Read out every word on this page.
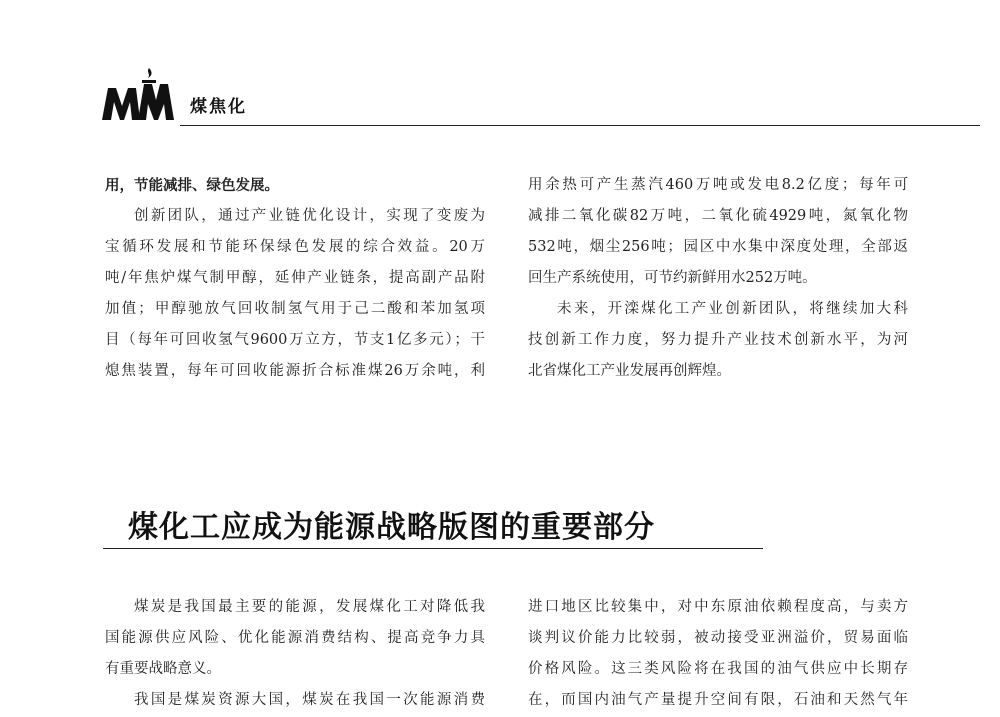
煤焦化

用，节能减排、绿色发展。

创新团队，通过产业链优化设计，实现了变废为

宝循环发展和节能环保绿色发展的综合效益。20万

吨/年焦炉煤气制甲醇，延伸产业链条，提高副产品附

加值；甲醇驰放气回收制氢气用于己二酸和苯加氢项

目（每年可回收氢气9600万立方，节支1亿多元）；干

熄焦装置，每年可回收能源折合标准煤26万余吨，利

用余热可产生蒸汽460万吨或发电8.2亿度；每年可

减排二氧化碳82万吨，二氧化硫4929吨，氮氧化物

532吨，烟尘256吨；园区中水集中深度处理，全部返

回生产系统使用，可节约新鲜用水252万吨。

未来，开滦煤化工产业创新团队，将继续加大科

技创新工作力度，努力提升产业技术创新水平，为河

北省煤化工产业发展再创辉煌。

煤化工应成为能源战略版图的重要部分

煤炭是我国最主要的能源，发展煤化工对降低我

国能源供应风险、优化能源消费结构、提高竞争力具

有重要战略意义。

我国是煤炭资源大国，煤炭在我国一次能源消费

进口地区比较集中，对中东原油依赖程度高，与卖方

谈判议价能力比较弱，被动接受亚洲溢价，贸易面临

价格风险。这三类风险将在我国的油气供应中长期存

在，而国内油气产量提升空间有限，石油和天然气年
